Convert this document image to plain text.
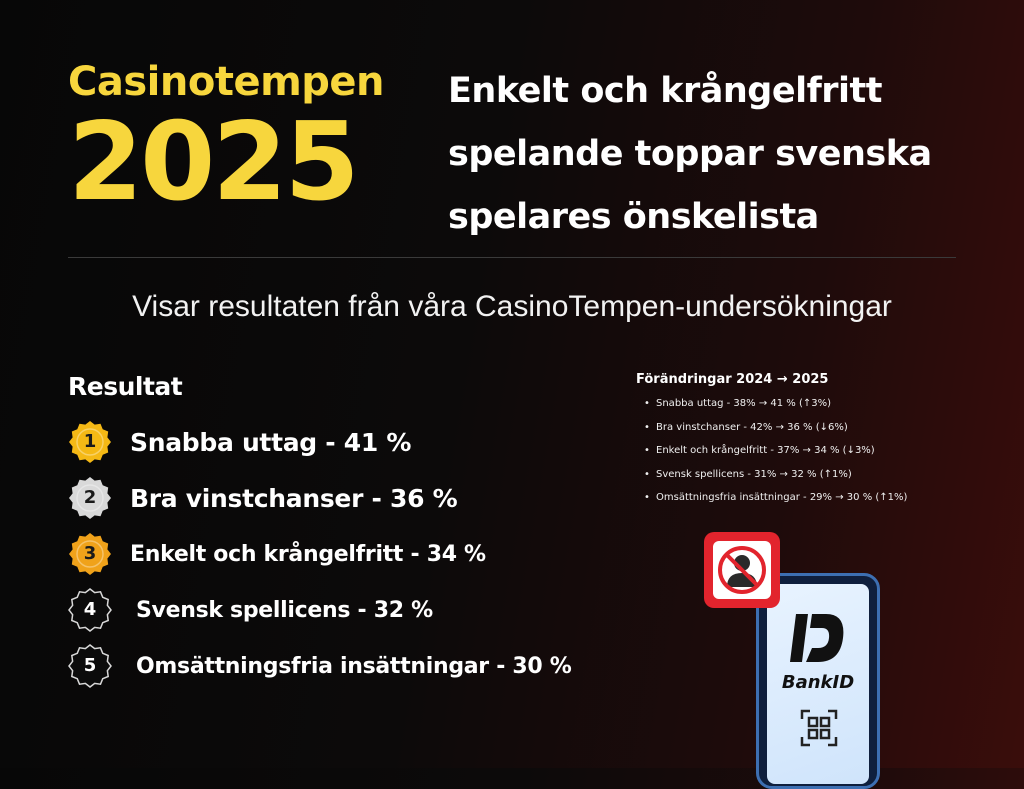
Casinotempen
2025
Enkelt och krångelfritt
spelande toppar svenska
spelares önskelista
Visar resultaten från våra CasinoTempen-undersökningar
Resultat
1	Snabba uttag - 41 %
2	Bra vinstchanser - 36 %
3	Enkelt och krångelfritt - 34 %
4	Svensk spellicens - 32 %
5	Omsättningsfria insättningar - 30 %
Förändringar 2024 → 2025
• Snabba uttag - 38% → 41 % (↑3%)
• Bra vinstchanser - 42% → 36 % (↓6%)
• Enkelt och krångelfritt - 37% → 34 % (↓3%)
• Svensk spellicens - 31% → 32 % (↑1%)
• Omsättningsfria insättningar - 29% → 30 % (↑1%)
BankID
